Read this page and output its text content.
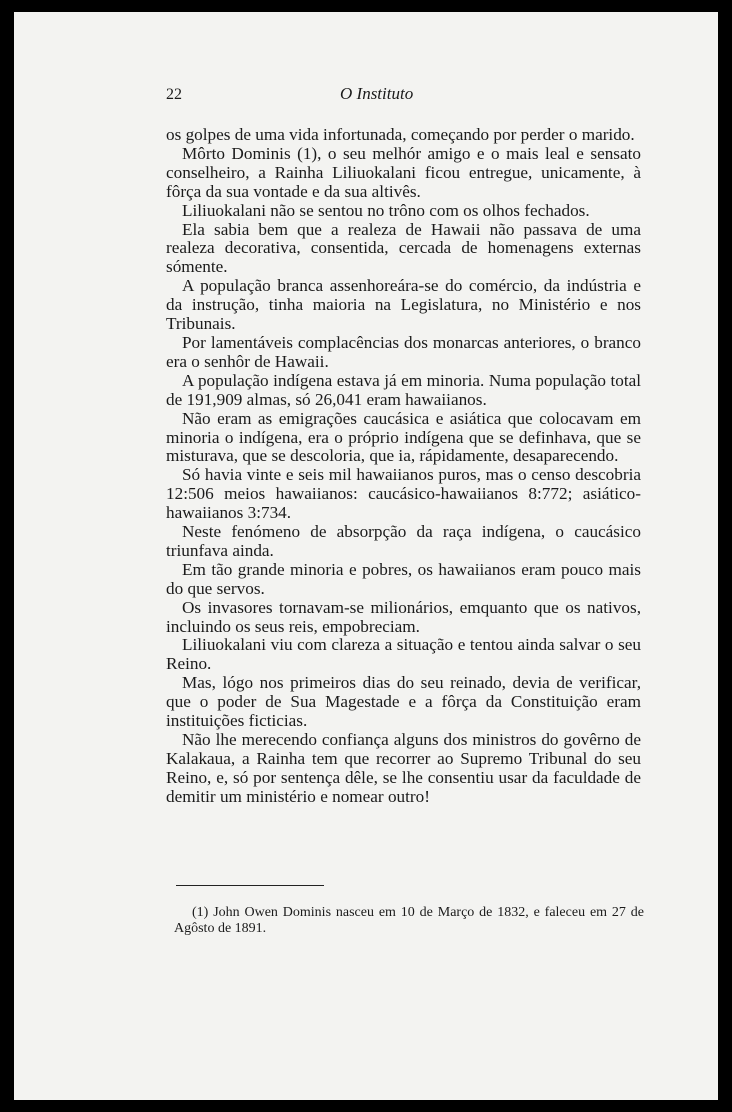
22	O Instituto

os golpes de uma vida infortunada, começando por perder o marido.

Môrto Dominis (1), o seu melhór amigo e o mais leal e sensato conselheiro, a Rainha Liliuokalani ficou entregue, unicamente, à fôrça da sua vontade e da sua altivês.

Liliuokalani não se sentou no trôno com os olhos fechados.

Ela sabia bem que a realeza de Hawaii não passava de uma realeza decorativa, consentida, cercada de homenagens externas sómente.

A população branca assenhoreára-se do comércio, da indústria e da instrução, tinha maioria na Legislatura, no Ministério e nos Tribunais.

Por lamentáveis complacências dos monarcas anteriores, o branco era o senhôr de Hawaii.

A população indígena estava já em minoria. Numa população total de 191,909 almas, só 26,041 eram hawaiianos.

Não eram as emigrações caucásica e asiática que colocavam em minoria o indígena, era o próprio indígena que se definhava, que se misturava, que se descoloria, que ia, rápidamente, desaparecendo.

Só havia vinte e seis mil hawaiianos puros, mas o censo descobria 12:506 meios hawaiianos: caucásico-hawaiianos 8:772; asiático-hawaiianos 3:734.

Neste fenómeno de absorpção da raça indígena, o caucásico triunfava ainda.

Em tão grande minoria e pobres, os hawaiianos eram pouco mais do que servos.

Os invasores tornavam-se milionários, emquanto que os nativos, incluindo os seus reis, empobreciam.

Liliuokalani viu com clareza a situação e tentou ainda salvar o seu Reino.

Mas, lógo nos primeiros dias do seu reinado, devia de verificar, que o poder de Sua Magestade e a fôrça da Constituição eram instituições ficticias.

Não lhe merecendo confiança alguns dos ministros do govêrno de Kalakaua, a Rainha tem que recorrer ao Supremo Tribunal do seu Reino, e, só por sentença dêle, se lhe consentiu usar da faculdade de demitir um ministério e nomear outro!

(1) John Owen Dominis nasceu em 10 de Março de 1832, e faleceu em 27 de Agôsto de 1891.
